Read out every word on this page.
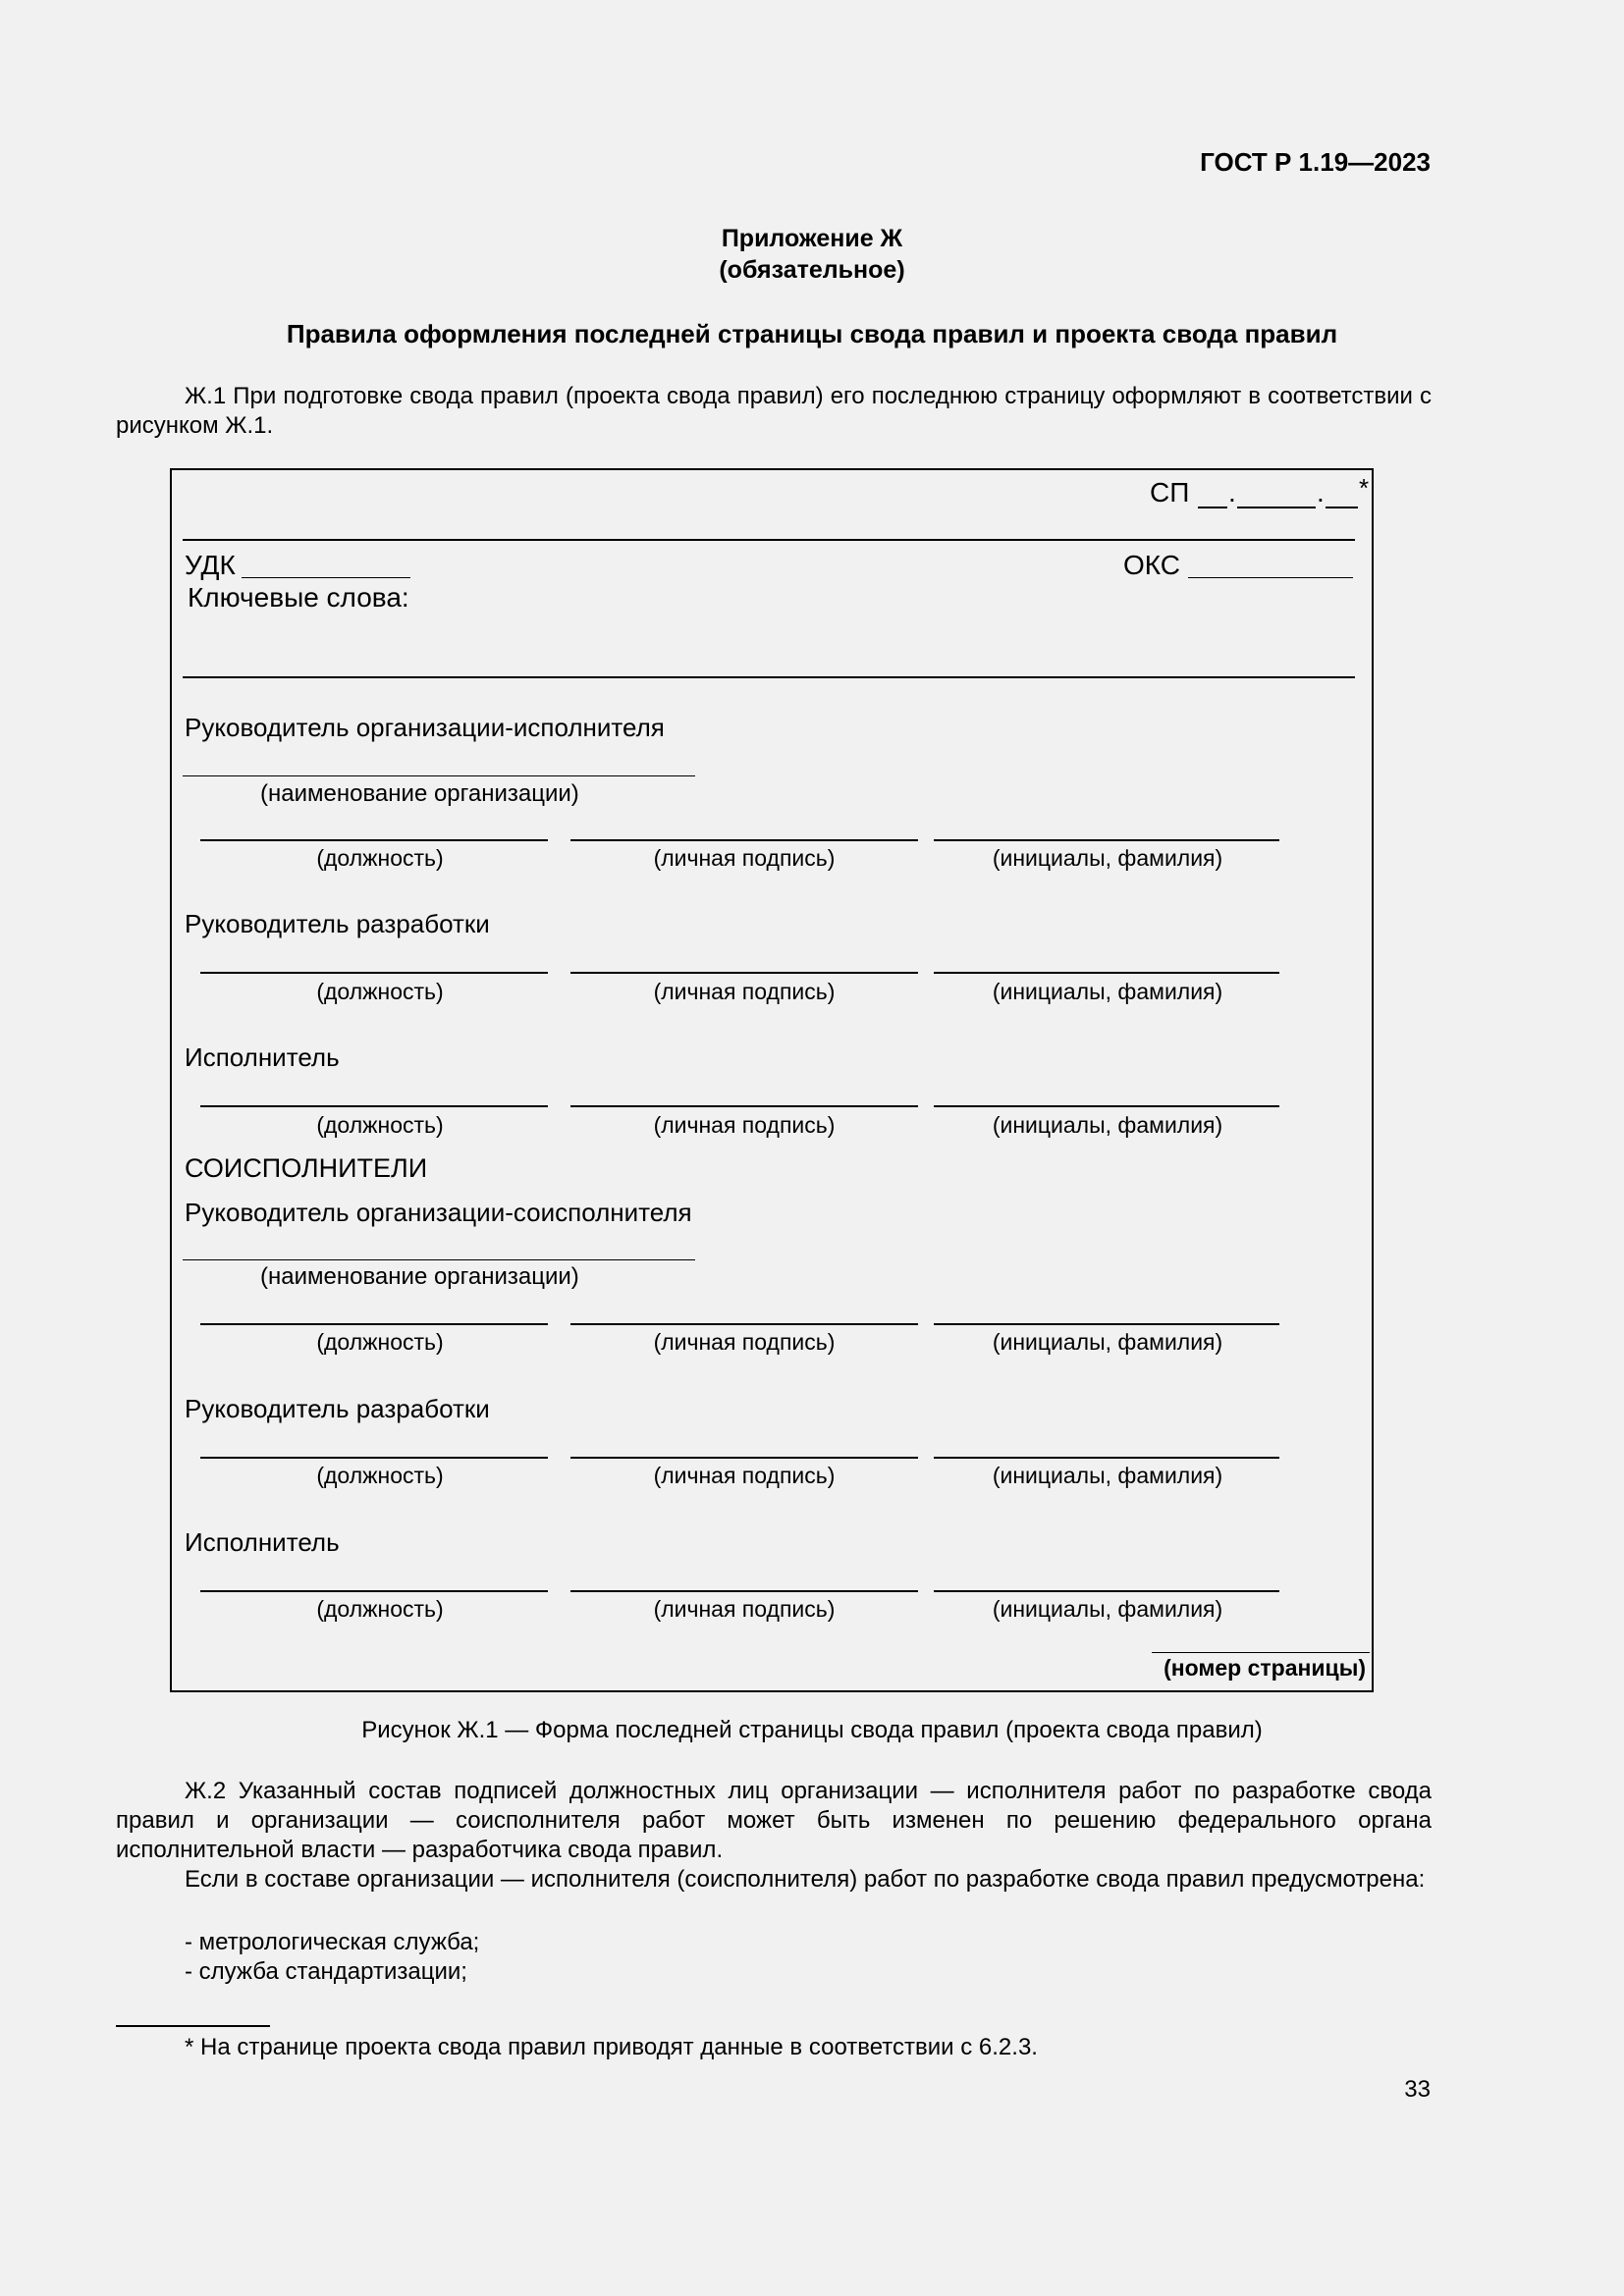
ГОСТ Р 1.19—2023
Приложение Ж
(обязательное)
Правила оформления последней страницы свода правил и проекта свода правил

Ж.1 При подготовке свода правил (проекта свода правил) его последнюю страницу оформляют в соответствии с рисунком Ж.1.

СП .	. *
УДК	ОКС
Ключевые слова:
Руководитель организации-исполнителя
(наименование организации)
(должность)	(личная подпись)	(инициалы, фамилия)
Руководитель разработки
(должность)	(личная подпись)	(инициалы, фамилия)
Исполнитель
(должность)	(личная подпись)	(инициалы, фамилия)
СОИСПОЛНИТЕЛИ
Руководитель организации-соисполнителя
(наименование организации)
(должность)	(личная подпись)	(инициалы, фамилия)
Руководитель разработки
(должность)	(личная подпись)	(инициалы, фамилия)
Исполнитель
(должность)	(личная подпись)	(инициалы, фамилия)
(номер страницы)
Рисунок Ж.1 — Форма последней страницы свода правил (проекта свода правил)

Ж.2 Указанный состав подписей должностных лиц организации — исполнителя работ по разработке свода правил и организации — соисполнителя работ может быть изменен по решению федерального органа исполнительной власти — разработчика свода правил.

Если в составе организации — исполнителя (соисполнителя) работ по разработке свода правил предусмотрена:

- метрологическая служба;
- служба стандартизации;
* На странице проекта свода правил приводят данные в соответствии с 6.2.3.
33
